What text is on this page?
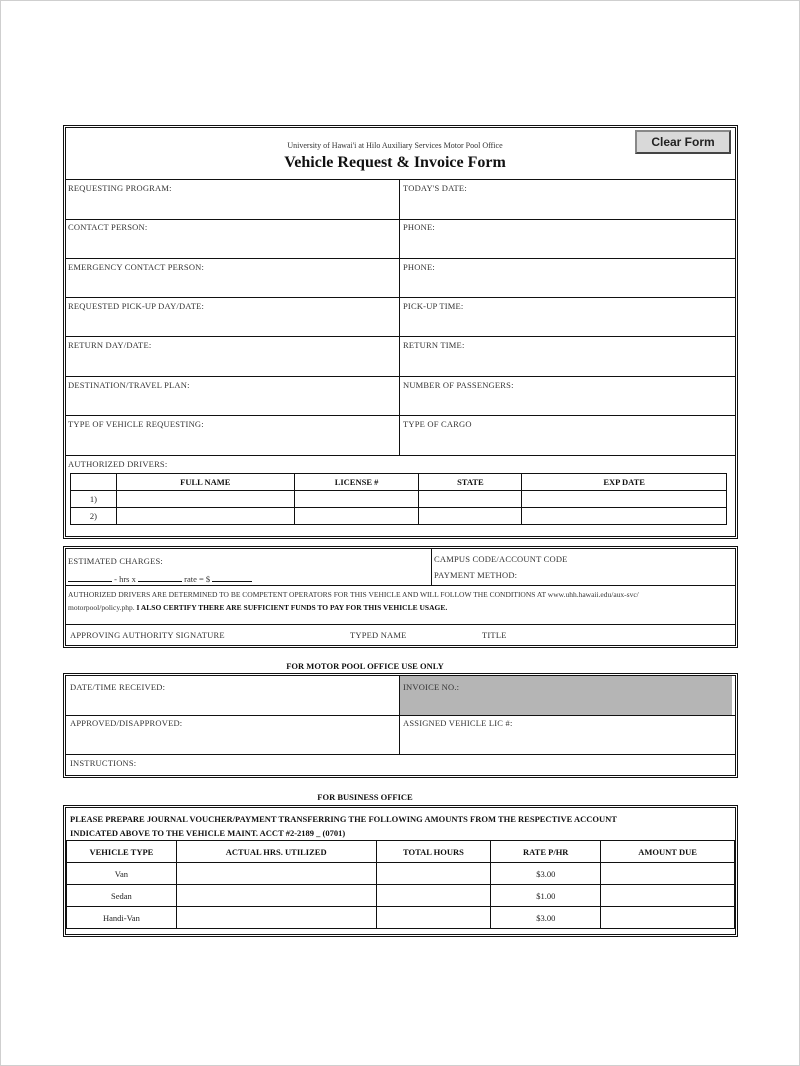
University of Hawai'i at Hilo Auxiliary Services Motor Pool Office
Vehicle Request & Invoice Form
Clear Form
REQUESTING PROGRAM:	TODAY'S DATE:
CONTACT PERSON:	PHONE:
EMERGENCY CONTACT PERSON:	PHONE:
REQUESTED PICK-UP DAY/DATE:	PICK-UP TIME:
RETURN DAY/DATE:	RETURN TIME:
DESTINATION/TRAVEL PLAN:	NUMBER OF PASSENGERS:
TYPE OF VEHICLE REQUESTING:	TYPE OF CARGO
AUTHORIZED DRIVERS:
	FULL NAME	LICENSE #	STATE	EXP DATE
1)				
2)				
ESTIMATED CHARGES:
- hrs x	rate = $
CAMPUS CODE/ACCOUNT CODE
PAYMENT METHOD:
AUTHORIZED DRIVERS ARE DETERMINED TO BE COMPETENT OPERATORS FOR THIS VEHICLE AND WILL FOLLOW THE CONDITIONS AT www.uhh.hawaii.edu/aux-svc/
motorpool/policy.php. I ALSO CERTIFY THERE ARE SUFFICIENT FUNDS TO PAY FOR THIS VEHICLE USAGE.
APPROVING AUTHORITY SIGNATURE	TYPED NAME	TITLE
FOR MOTOR POOL OFFICE USE ONLY
DATE/TIME RECEIVED:	INVOICE NO.:
APPROVED/DISAPPROVED:	ASSIGNED VEHICLE LIC #:
INSTRUCTIONS:
FOR BUSINESS OFFICE
PLEASE PREPARE JOURNAL VOUCHER/PAYMENT TRANSFERRING THE FOLLOWING AMOUNTS FROM THE RESPECTIVE ACCOUNT
INDICATED ABOVE TO THE VEHICLE MAINT. ACCT #2-2189 _ (0701)
VEHICLE TYPE	ACTUAL HRS. UTILIZED	TOTAL HOURS	RATE P/HR	AMOUNT DUE
Van			$3.00	
Sedan			$1.00	
Handi-Van			$3.00	
